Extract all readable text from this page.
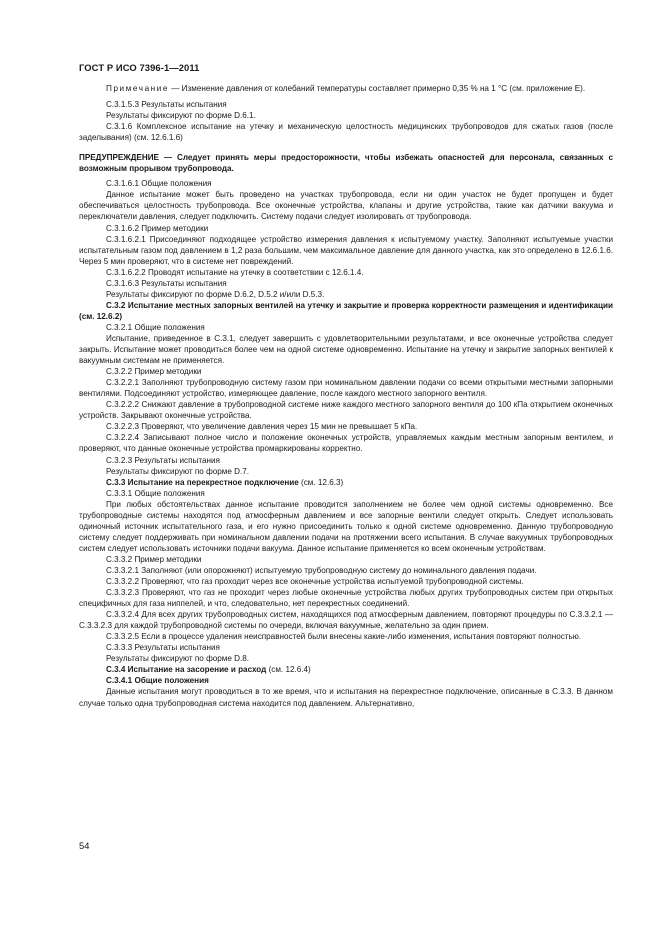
ГОСТ Р ИСО 7396-1—2011

Примечание — Изменение давления от колебаний температуры составляет примерно 0,35 % на 1 °С (см. приложение Е).

С.3.1.5.3 Результаты испытания

Результаты фиксируют по форме D.6.1.

С.3.1.6 Комплексное испытание на утечку и механическую целостность медицинских трубопроводов для сжатых газов (после заделывания) (см. 12.6.1.6)

ПРЕДУПРЕЖДЕНИЕ — Следует принять меры предосторожности, чтобы избежать опасностей для персонала, связанных с возможным прорывом трубопровода.

С.3.1.6.1 Общие положения

Данное испытание может быть проведено на участках трубопровода, если ни один участок не будет пропущен и будет обеспечиваться целостность трубопровода. Все оконечные устройства, клапаны и другие устройства, такие как датчики вакуума и переключатели давления, следует подключить. Систему подачи следует изолировать от трубопровода.

С.3.1.6.2 Пример методики

С.3.1.6.2.1 Присоединяют подходящее устройство измерения давления к испытуемому участку. Заполняют испытуемые участки испытательным газом под давлением в 1,2 раза большим, чем максимальное давление для данного участка, как это определено в 12.6.1.6. Через 5 мин проверяют, что в системе нет повреждений.

С.3.1.6.2.2 Проводят испытание на утечку в соответствии с 12.6.1.4.

С.3.1.6.3 Результаты испытания

Результаты фиксируют по форме D.6.2, D.5.2 и/или D.5.3.

С.3.2 Испытание местных запорных вентилей на утечку и закрытие и проверка корректности размещения и идентификации (см. 12.6.2)

С.3.2.1 Общие положения

Испытание, приведенное в С.3.1, следует завершить с удовлетворительными результатами, и все оконечные устройства следует закрыть. Испытание может проводиться более чем на одной системе одновременно. Испытание на утечку и закрытие запорных вентилей к вакуумным системам не применяется.

С.3.2.2 Пример методики

С.3.2.2.1 Заполняют трубопроводную систему газом при номинальном давлении подачи со всеми открытыми местными запорными вентилями. Подсоединяют устройство, измеряющее давление, после каждого местного запорного вентиля.

С.3.2.2.2 Снижают давление в трубопроводной системе ниже каждого местного запорного вентиля до 100 кПа открытием оконечных устройств. Закрывают оконечные устройства.

С.3.2.2.3 Проверяют, что увеличение давления через 15 мин не превышает 5 кПа.

С.3.2.2.4 Записывают полное число и положение оконечных устройств, управляемых каждым местным запорным вентилем, и проверяют, что данные оконечные устройства промаркированы корректно.

С.3.2.3 Результаты испытания

Результаты фиксируют по форме D.7.

С.3.3 Испытание на перекрестное подключение (см. 12.6.3)

С.3.3.1 Общие положения

При любых обстоятельствах данное испытание проводится заполнением не более чем одной системы одновременно. Все трубопроводные системы находятся под атмосферным давлением и все запорные вентили следует открыть. Следует использовать одиночный источник испытательного газа, и его нужно присоединить только к одной системе одновременно. Данную трубопроводную систему следует поддерживать при номинальном давлении подачи на протяжении всего испытания. В случае вакуумных трубопроводных систем следует использовать источники подачи вакуума. Данное испытание применяется ко всем оконечным устройствам.

С.3.3.2 Пример методики

С.3.3.2.1 Заполняют (или опорожняют) испытуемую трубопроводную систему до номинального давления подачи.

С.3.3.2.2 Проверяют, что газ проходит через все оконечные устройства испытуемой трубопроводной системы.

С.3.3.2.3 Проверяют, что газ не проходит через любые оконечные устройства любых других трубопроводных систем при открытых специфичных для газа ниппелей, и что, следовательно, нет перекрестных соединений.

С.3.3.2.4 Для всех других трубопроводных систем, находящихся под атмосферным давлением, повторяют процедуры по С.3.3.2.1 — С.3.3.2.3 для каждой трубопроводной системы по очереди, включая вакуумные, желательно за один прием.

С.3.3.2.5 Если в процессе удаления неисправностей были внесены какие-либо изменения, испытания повторяют полностью.

С.3.3.3 Результаты испытания

Результаты фиксируют по форме D.8.

С.3.4 Испытание на засорение и расход (см. 12.6.4)

С.3.4.1 Общие положения

Данные испытания могут проводиться в то же время, что и испытания на перекрестное подключение, описанные в С.3.3. В данном случае только одна трубопроводная система находится под давлением. Альтернативно,

54
